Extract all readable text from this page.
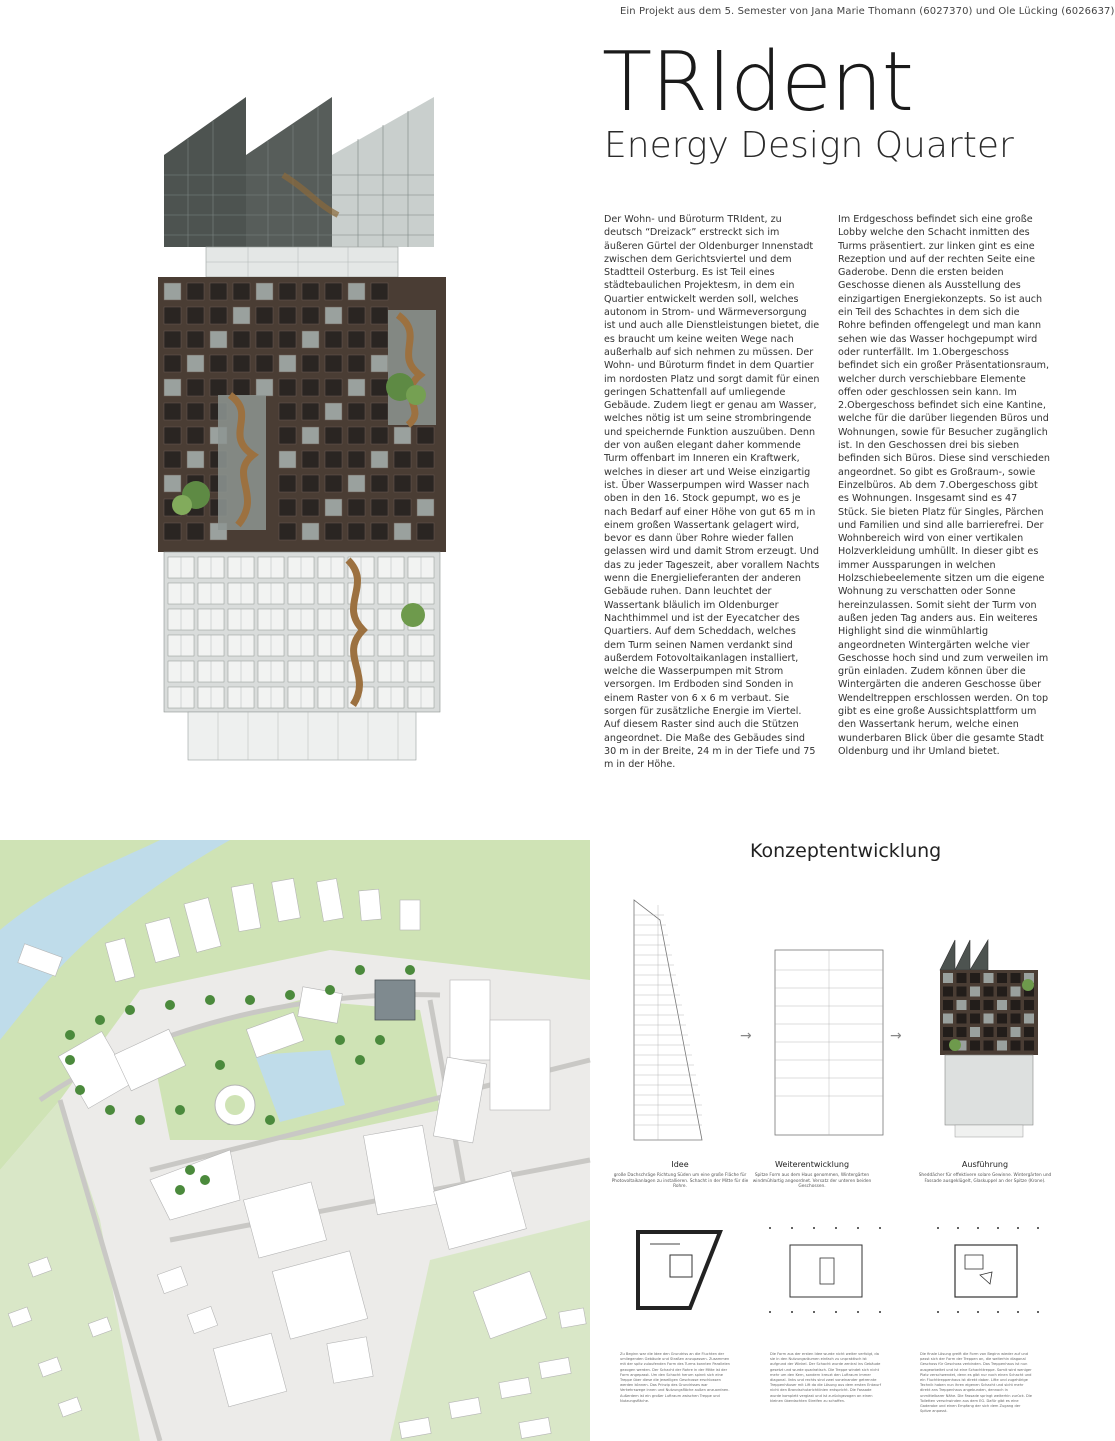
Ein Projekt aus dem 5. Semester von Jana Marie Thomann (6027370) und Ole Lücking (6026637)
TRIdent
Energy Design Quarter

Der Wohn- und Büroturm TRIdent, zu deutsch “Dreizack” erstreckt sich im äußeren Gürtel der Oldenburger Innenstadt zwischen dem Gerichtsviertel und dem Stadtteil Osterburg. Es ist Teil eines städtebaulichen Projektesm, in dem ein Quartier entwickelt werden soll, welches autonom in Strom- und Wärmeversorgung ist und auch alle Dienstleistungen bietet, die es braucht um keine weiten Wege nach außerhalb auf sich nehmen zu müssen. Der Wohn- und Büroturm findet in dem Quartier im nordosten Platz und sorgt damit für einen geringen Schattenfall auf umliegende Gebäude. Zudem liegt er genau am Wasser, welches nötig ist um seine strombringende und speichernde Funktion auszuüben. Denn der von außen elegant daher kommende Turm offenbart im Inneren ein Kraftwerk, welches in dieser art und Weise einzigartig ist. Über Wasserpumpen wird Wasser nach oben in den 16. Stock gepumpt, wo es je nach Bedarf auf einer Höhe von gut 65 m in einem großen Wassertank gelagert wird, bevor es dann über Rohre wieder fallen gelassen wird und damit Strom erzeugt. Und das zu jeder Tageszeit, aber vorallem Nachts wenn die Energielieferanten der anderen Gebäude ruhen. Dann leuchtet der Wassertank bläulich im Oldenburger Nachthimmel und ist der Eyecatcher des Quartiers. Auf dem Scheddach, welches dem Turm seinen Namen verdankt sind außerdem Fotovoltaikanlagen installiert, welche die Wasserpumpen mit Strom versorgen. Im Erdboden sind Sonden in einem Raster von 6 x 6 m verbaut. Sie sorgen für zusätzliche Energie im Viertel. Auf diesem Raster sind auch die Stützen angeordnet. Die Maße des Gebäudes sind 30 m in der Breite, 24 m in der Tiefe und 75 m in der Höhe.

Im Erdgeschoss befindet sich eine große Lobby welche den Schacht inmitten des Turms präsentiert. zur linken gint es eine Rezeption und auf der rechten Seite eine Gaderobe. Denn die ersten beiden Geschosse dienen als Ausstellung des einzigartigen Energiekonzepts. So ist auch ein Teil des Schachtes in dem sich die Rohre befinden offengelegt und man kann sehen wie das Wasser hochgepumpt wird oder runterfällt. Im 1.Obergeschoss befindet sich ein großer Präsentationsraum, welcher durch verschiebbare Elemente offen oder geschlossen sein kann. Im 2.Obergeschoss befindet sich eine Kantine, welche für die darüber liegenden Büros und Wohnungen, sowie für Besucher zugänglich ist. In den Geschossen drei bis sieben befinden sich Büros. Diese sind verschieden angeordnet. So gibt es Großraum-, sowie Einzelbüros. Ab dem 7.Obergeschoss gibt es Wohnungen. Insgesamt sind es 47 Stück. Sie bieten Platz für Singles, Pärchen und Familien und sind alle barrierefrei. Der Wohnbereich wird von einer vertikalen Holzverkleidung umhüllt. In dieser gibt es immer Aussparungen in welchen Holzschiebeelemente sitzen um die eigene Wohnung zu verschatten oder Sonne hereinzulassen. Somit sieht der Turm von außen jeden Tag anders aus. Ein weiteres Highlight sind die winmühlartig angeordneten Wintergärten welche vier Geschosse hoch sind und zum verweilen im grün einladen. Zudem können über die Wintergärten die anderen Geschosse über Wendeltreppen erschlossen werden. On top gibt es eine große Aussichtsplattform um den Wassertank herum, welche einen wunderbaren Blick über die gesamte Stadt Oldenburg und ihr Umland bietet.

Konzeptentwicklung
→	→
Idee
große Dachschräge Richtung Süden um eine große Fläche für Photovoltaikanlagen zu installieren. Schacht in der Mitte für die Rohre.
Weiterentwicklung
Spitze Form aus dem Haus genommen, Wintergärten windmühlartig angeordnet. Versatz der unteren beiden Geschossen.
Ausführung
Sheddächer für effektivere solare Gewinne. Wintergärten und Fassade ausgeklügelt, Glaskuppel an der Spitze (Krone).
Zu Beginn war die Idee den Grundriss an die Fluchten der umliegenden Gebäude und Straßen anzupassen. Zusammen mit der spitz zulaufenden Form des Turms konnten Parallelen gezogen werden. Der Schacht der Rohre in der Mitte ist der Form angepasst. Um den Schacht herum spinnt sich eine Treppe über diese die jeweiligen Geschosse erschlossen werden können. Das Prinzip des Grundrisses war Verkehrswege innen und Nutzungsfläche außen anzuordnen. Außerdem ist ein großer Luftraum zwischen Treppe und Nutzungsfläche.
Die Form aus der ersten Idee wurde nicht weiter verfolgt, da sie in den Nutzungsräumen einfach zu unpraktisch ist aufgrund der Winkel. Der Schacht wurde zentral ins Gebäude gesetzt und wurde quadratisch. Die Treppe windet sich nicht mehr um den Kern, sondern kreuzt den Luftraum immer diagonal. links und rechts sind zwei voneinander getrennte Treppenhäuser mit Lift da die Lösung aus dem ersten Entwurf nicht den Brandschutzrichtlinien entspricht. Die Fassade wurde komplett verglast und ist zurückgezogen an einen kleinen überdachten Streifen zu schaffen.
Die finale Lösung greift die Form von Beginn wieder auf und passt sich der Form der Treppen an, die weiterhin diagonal Geschoss für Geschoss verbinden. Das Treppenhaus ist nun ausgearbeitet und ist eine Schachttreppe. Somit wird weniger Platz verschwendet, denn es gibt nur noch einen Schacht und ein Fluchttreppenhaus ist direkt daber. Lifte und zugehörige Technik haben nun ihren eigenen Schacht und sicht mehr direkt ans Treppenhaus angebunden, dennoch in unmittelbarer Nähe. Die Fassade springt weiterhin zurück. Die Toiletten verschwinden aus dem EG. Dafür gibt es eine Gaderobe und einen Empfang der sich dem Zugang der Spitze anpasst.
